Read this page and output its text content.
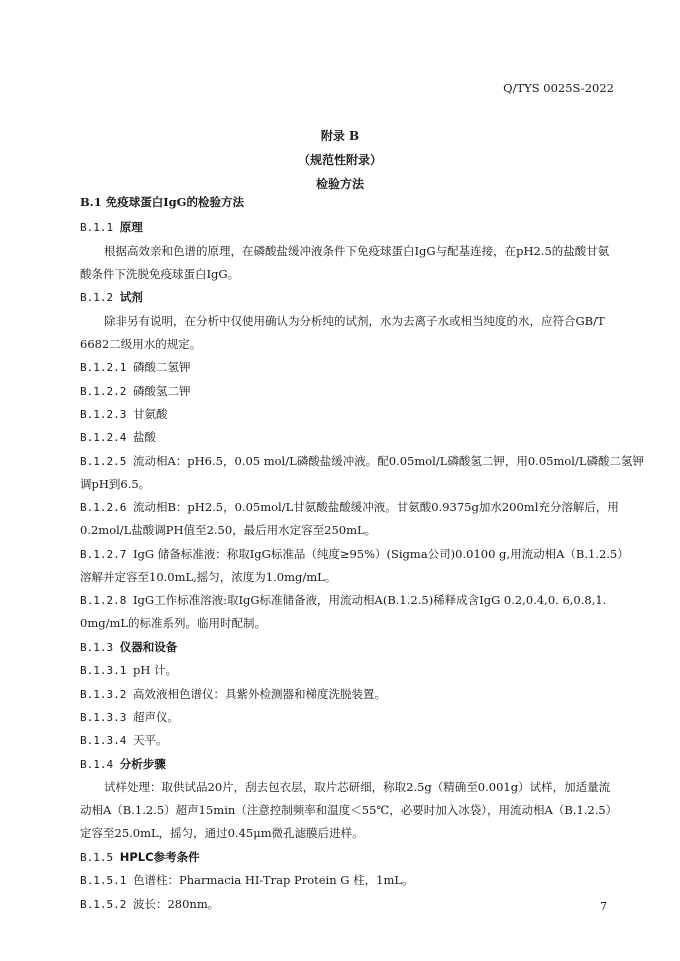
Q/TYS 0025S-2022
附录 B
（规范性附录）
检验方法
B.1 免疫球蛋白IgG的检验方法
B.1.1 原理
根据高效亲和色谱的原理，在磷酸盐缓冲液条件下免疫球蛋白IgG与配基连接，在pH2.5的盐酸甘氨
酸条件下洗脱免疫球蛋白IgG。
B.1.2 试剂
除非另有说明，在分析中仅使用确认为分析纯的试剂，水为去离子水或相当纯度的水，应符合GB/T
6682二级用水的规定。
B.1.2.1 磷酸二氢钾
B.1.2.2 磷酸氢二钾
B.1.2.3 甘氨酸
B.1.2.4 盐酸
B.1.2.5 流动相A：pH6.5，0.05 mol/L磷酸盐缓冲液。配0.05mol/L磷酸氢二钾，用0.05mol/L磷酸二氢钾
调pH到6.5。
B.1.2.6 流动相B：pH2.5，0.05mol/L甘氨酸盐酸缓冲液。甘氨酸0.9375g加水200ml充分溶解后，用
0.2mol/L盐酸调PH值至2.50，最后用水定容至250mL。
B.1.2.7 IgG 储备标准液：称取IgG标准品（纯度≥95%）(Sigma公司)0.0100 g,用流动相A（B.1.2.5）
溶解并定容至10.0mL,摇匀，浓度为1.0mg/mL。
B.1.2.8 IgG工作标准溶液:取IgG标准储备液，用流动相A(B.1.2.5)稀释成含IgG 0.2,0.4,0. 6,0.8,1.
0mg/mL的标准系列。临用时配制。
B.1.3 仪器和设备
B.1.3.1 pH 计。
B.1.3.2 高效液相色谱仪：具紫外检测器和梯度洗脱装置。
B.1.3.3 超声仪。
B.1.3.4 天平。
B.1.4 分析步骤
试样处理：取供试品20片，刮去包衣层，取片芯研细，称取2.5g（精确至0.001g）试样，加适量流
动相A（B.1.2.5）超声15min（注意控制频率和温度＜55℃，必要时加入冰袋），用流动相A（B.1.2.5）
定容至25.0mL，摇匀，通过0.45μm微孔滤膜后进样。
B.1.5 HPLC参考条件
B.1.5.1 色谱柱：Pharmacia HI-Trap Protein G 柱，1mL。
B.1.5.2 波长：280nm。	7
